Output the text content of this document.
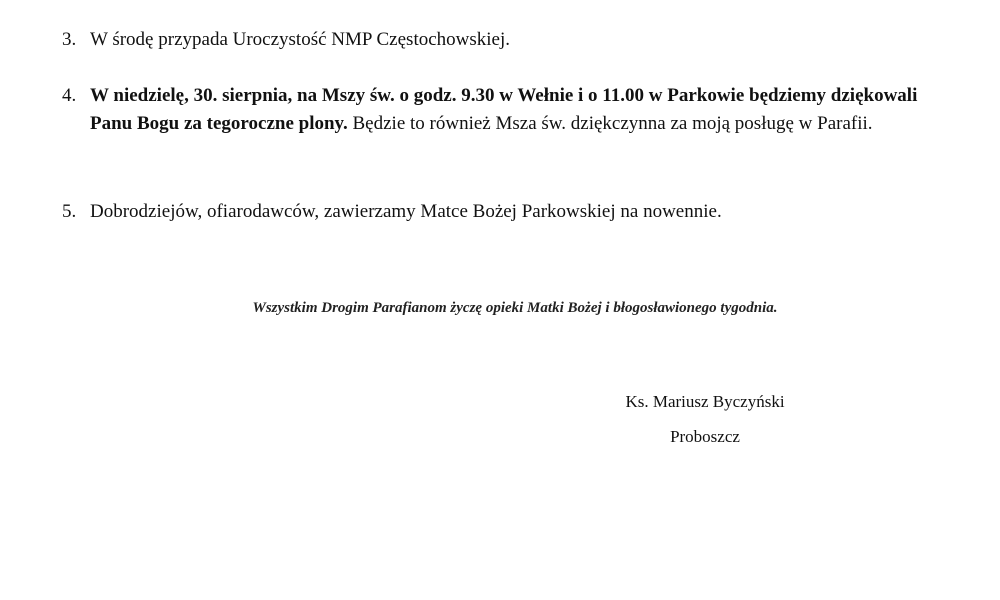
3. W środę przypada Uroczystość NMP Częstochowskiej.
4. W niedzielę, 30. sierpnia, na Mszy św. o godz. 9.30 w Wełnie i o 11.00 w Parkowie będziemy dziękowali Panu Bogu za tegoroczne plony. Będzie to również Msza św. dziękczynna za moją posługę w Parafii.
5. Dobrodziejów, ofiarodawców, zawierzamy Matce Bożej Parkowskiej na nowennie.
Wszystkim Drogim Parafianom życzę opieki Matki Bożej i błogosławionego tygodnia.
Ks. Mariusz Byczyński
Proboszcz
